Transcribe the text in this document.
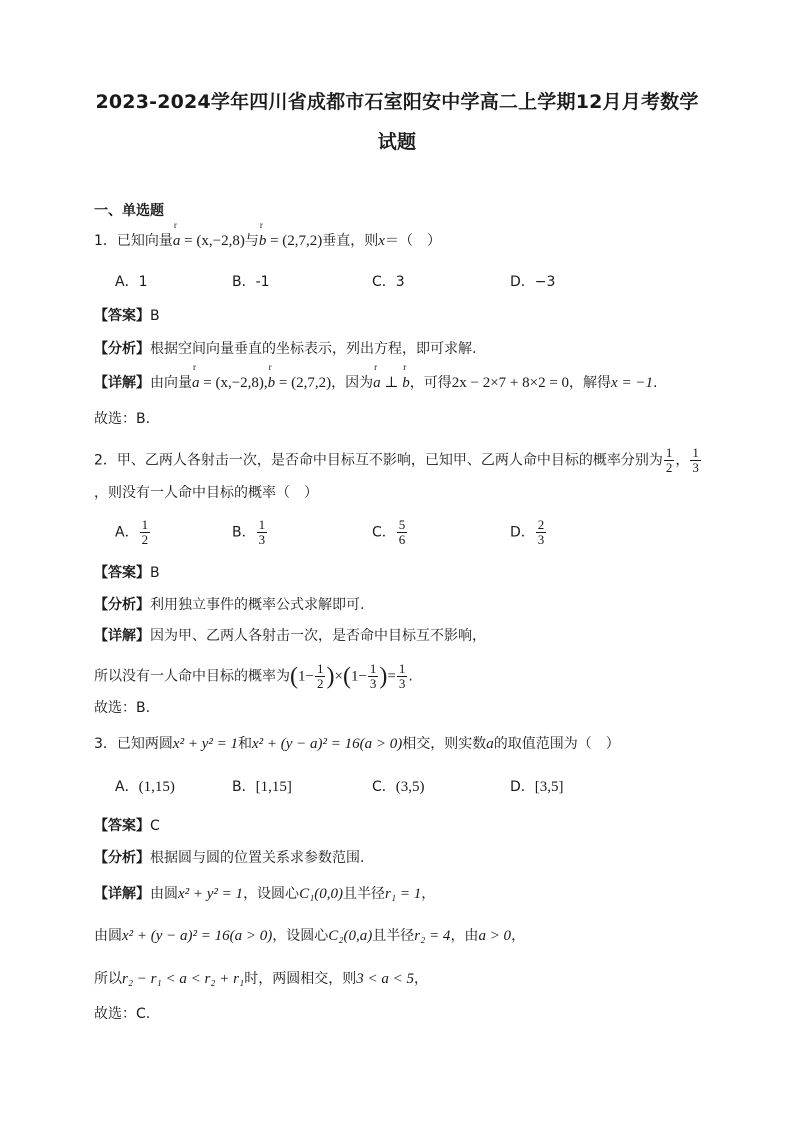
2023-2024学年四川省成都市石室阳安中学高二上学期12月月考数学
试题
一、单选题
1．已知向量
r
a = (x,−2,8)与
r
b = (2,7,2)垂直，则x＝（　）
A．1	B．-1	C．3	D．−3
【答案】B
【分析】根据空间向量垂直的坐标表示，列出方程，即可求解.
【详解】由向量
r
a = (x,−2,8),
r
b = (2,7,2)，因为
r
a ⊥
r
b，可得2x − 2×7 + 8×2 = 0，解得x = −1.
故选：B.
2．甲、乙两人各射击一次，是否命中目标互不影响，已知甲、乙两人命中目标的概率分别为 $\frac{1}{2}$ ， $\frac{1}{3}$
，则没有一人命中目标的概率（　）
A． $\frac{1}{2}$	B． $\frac{1}{3}$	C． $\frac{5}{6}$	D． $\frac{2}{3}$
【答案】B
【分析】利用独立事件的概率公式求解即可.
【详解】因为甲、乙两人各射击一次，是否命中目标互不影响，
所以没有一人命中目标的概率为$(1- \frac{1}{2} )\times(1- \frac{1}{3}$ )= $\frac{1}{3}$ .
故选：B.
3．已知两圆x² + y² = 1和x² + (y − a)² = 16(a > 0)相交，则实数a的取值范围为（　）
A．(1,15)	B．[1,15]	C．(3,5)	D．[3,5]
【答案】C
【分析】根据圆与圆的位置关系求参数范围.
【详解】由圆x² + y² = 1，设圆心C₁(0,0)且半径r₁ = 1，
由圆x² + (y − a)² = 16(a > 0)，设圆心C₂(0,a)且半径r₂ = 4，由a > 0，
所以r₂ − r₁ < a < r₂ + r₁时，两圆相交，则3 < a < 5，
故选：C.
